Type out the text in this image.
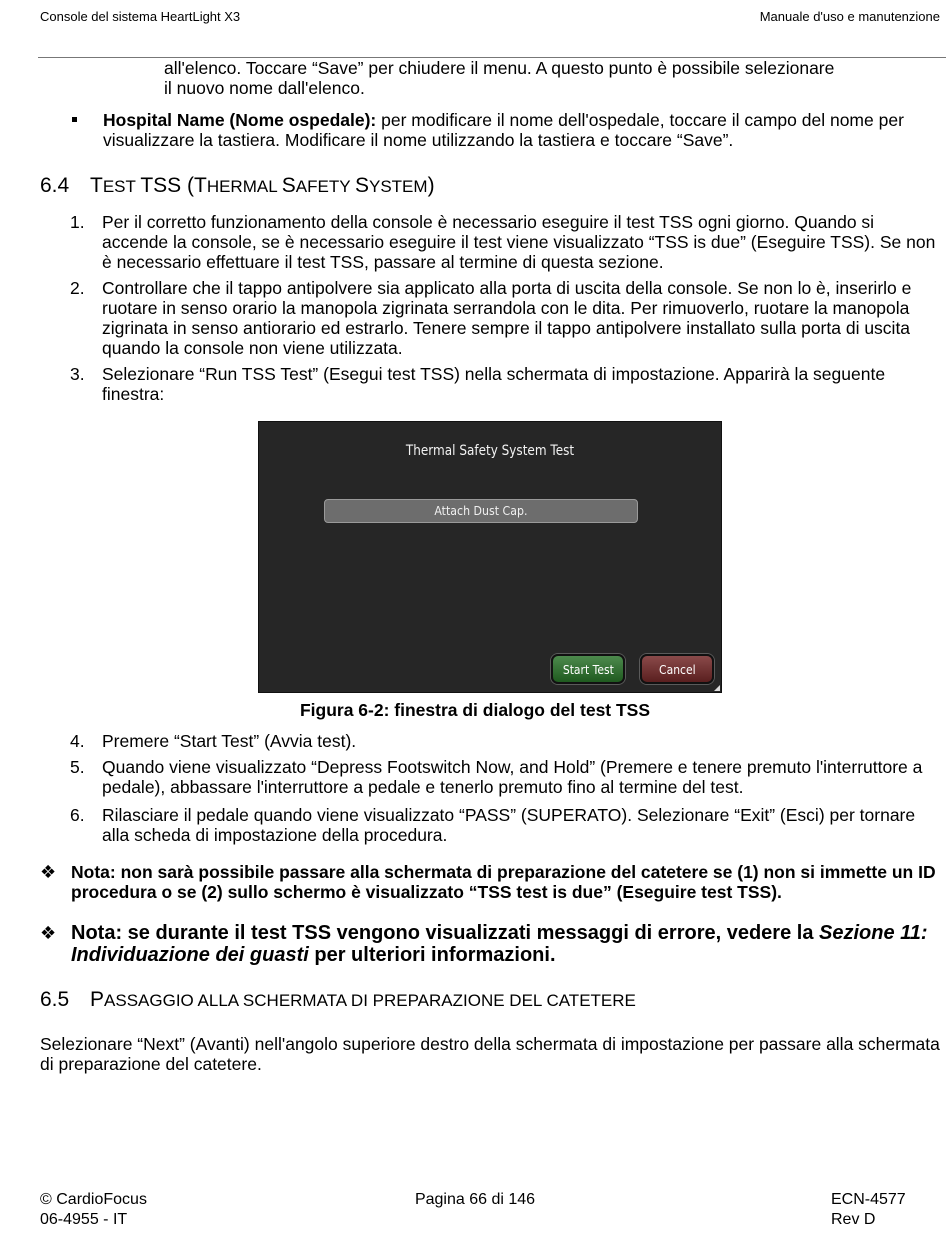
Console del sistema HeartLight X3	Manuale d'uso e manutenzione
all'elenco. Toccare “Save” per chiudere il menu. A questo punto è possibile selezionare
il nuovo nome dall'elenco.
Hospital Name (Nome ospedale): per modificare il nome dell'ospedale, toccare il campo del nome per visualizzare la tastiera. Modificare il nome utilizzando la tastiera e toccare “Save”.
6.4 TEST TSS (THERMAL SAFETY SYSTEM)
1. Per il corretto funzionamento della console è necessario eseguire il test TSS ogni giorno. Quando si accende la console, se è necessario eseguire il test viene visualizzato “TSS is due” (Eseguire TSS). Se non è necessario effettuare il test TSS, passare al termine di questa sezione.
2. Controllare che il tappo antipolvere sia applicato alla porta di uscita della console. Se non lo è, inserirlo e ruotare in senso orario la manopola zigrinata serrandola con le dita. Per rimuoverlo, ruotare la manopola zigrinata in senso antiorario ed estrarlo. Tenere sempre il tappo antipolvere installato sulla porta di uscita quando la console non viene utilizzata.
3. Selezionare “Run TSS Test” (Esegui test TSS) nella schermata di impostazione. Apparirà la seguente finestra:
Thermal Safety System Test
Attach Dust Cap.
Start Test	Cancel
Figura 6-2: finestra di dialogo del test TSS
4. Premere “Start Test” (Avvia test).
5. Quando viene visualizzato “Depress Footswitch Now, and Hold” (Premere e tenere premuto l'interruttore a pedale), abbassare l'interruttore a pedale e tenerlo premuto fino al termine del test.
6. Rilasciare il pedale quando viene visualizzato “PASS” (SUPERATO). Selezionare “Exit” (Esci) per tornare alla scheda di impostazione della procedura.
❖ Nota: non sarà possibile passare alla schermata di preparazione del catetere se (1) non si immette un ID procedura o se (2) sullo schermo è visualizzato “TSS test is due” (Eseguire test TSS).
❖ Nota: se durante il test TSS vengono visualizzati messaggi di errore, vedere la Sezione 11: Individuazione dei guasti per ulteriori informazioni.
6.5 PASSAGGIO ALLA SCHERMATA DI PREPARAZIONE DEL CATETERE
Selezionare “Next” (Avanti) nell'angolo superiore destro della schermata di impostazione per passare alla schermata di preparazione del catetere.
© CardioFocus
06-4955 - IT
Pagina 66 di 146	ECN-4577
Rev D
